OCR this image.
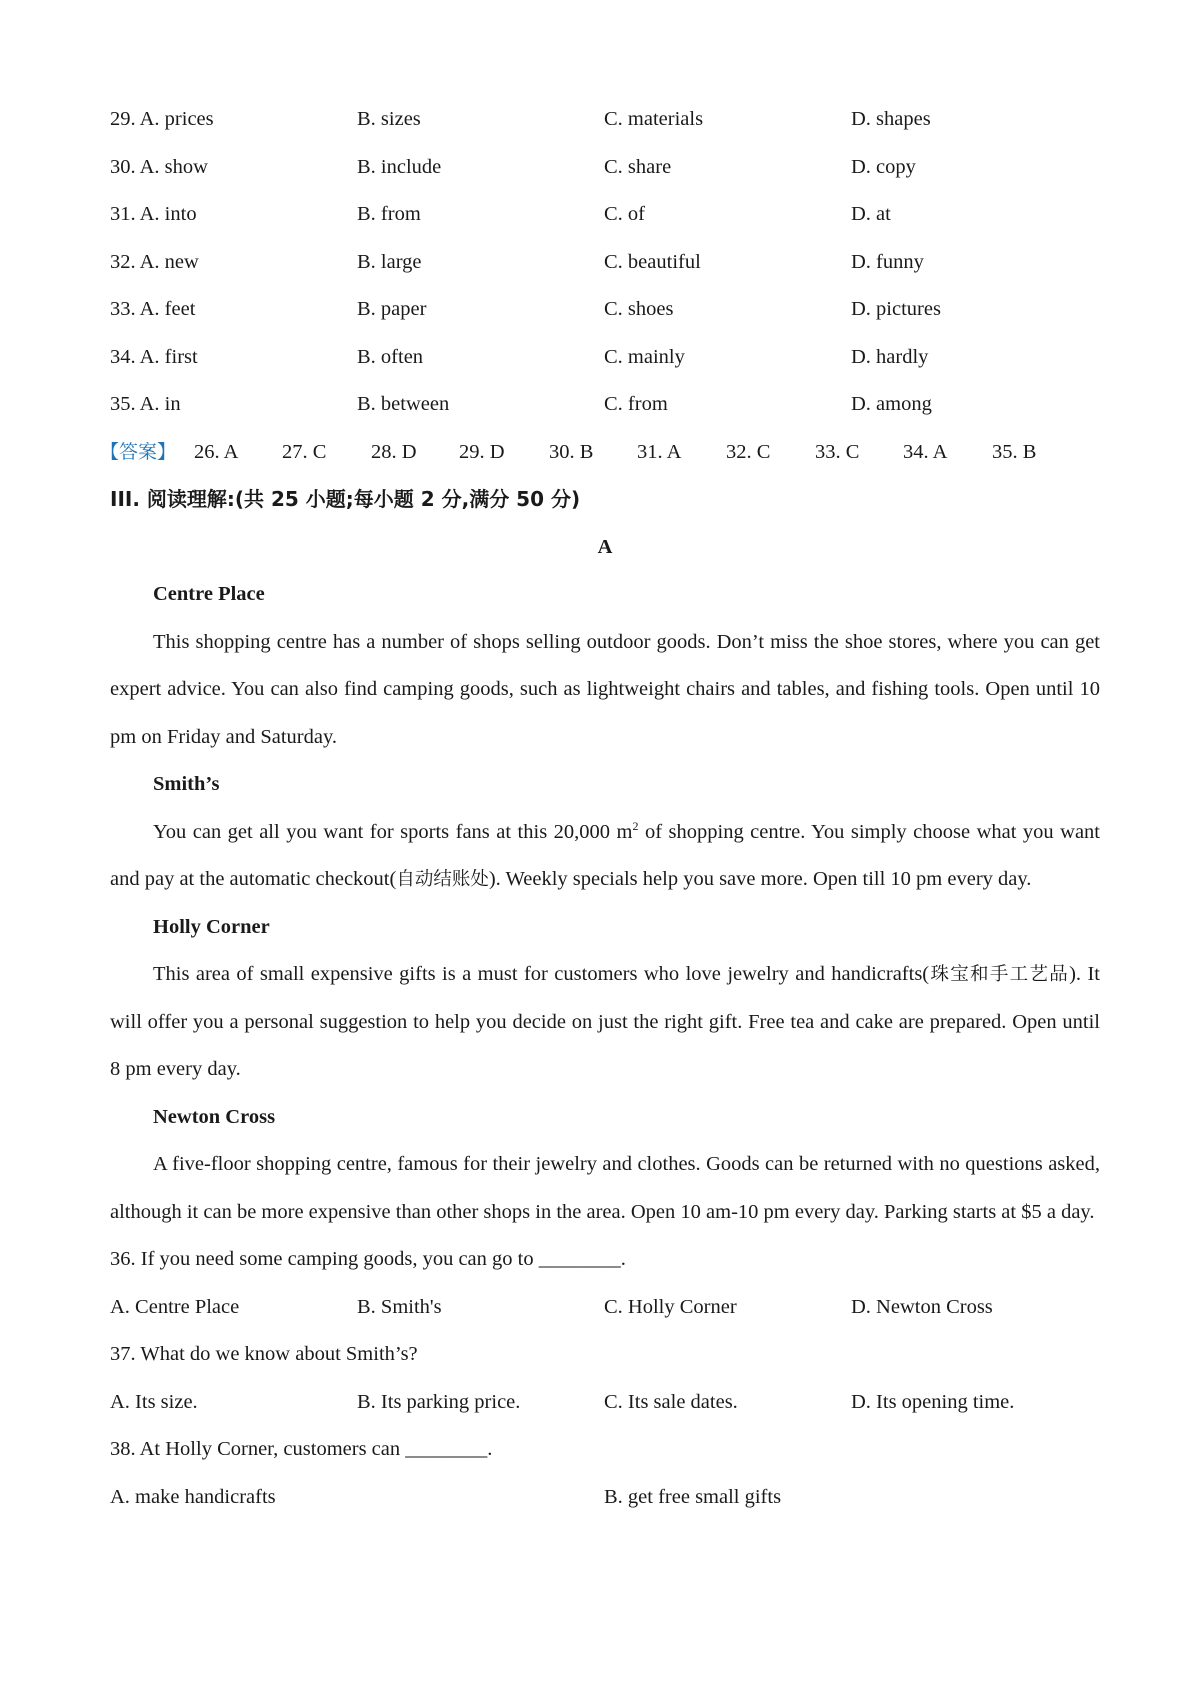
29. A. prices	B. sizes	C. materials	D. shapes
30. A. show	B. include	C. share	D. copy
31. A. into	B. from	C. of	D. at
32. A. new	B. large	C. beautiful	D. funny
33. A. feet	B. paper	C. shoes	D. pictures
34. A. first	B. often	C. mainly	D. hardly
35. A. in	B. between	C. from	D. among
【答案】 26. A 27. C 28. D 29. D 30. B 31. A 32. C 33. C 34. A 35. B
III. 阅读理解:(共 25 小题;每小题 2 分,满分 50 分)
A
Centre Place

This shopping centre has a number of shops selling outdoor goods. Don’t miss the shoe stores, where you can get expert advice. You can also find camping goods, such as lightweight chairs and tables, and fishing tools. Open until 10 pm on Friday and Saturday.

Smith’s

You can get all you want for sports fans at this 20,000 $m^2$ of shopping centre. You simply choose what you want and pay at the automatic checkout(自动结账处). Weekly specials help you save more. Open till 10 pm every day.

Holly Corner

This area of small expensive gifts is a must for customers who love jewelry and handicrafts(珠宝和手工艺品). It will offer you a personal suggestion to help you decide on just the right gift. Free tea and cake are prepared. Open until 8 pm every day.

Newton Cross

A five-floor shopping centre, famous for their jewelry and clothes. Goods can be returned with no questions asked, although it can be more expensive than other shops in the area. Open 10 am-10 pm every day. Parking starts at $5 a day.

36. If you need some camping goods, you can go to ________.
A. Centre Place	B. Smith's	C. Holly Corner	D. Newton Cross
37. What do we know about Smith’s?
A. Its size.	B. Its parking price.	C. Its sale dates.	D. Its opening time.
38. At Holly Corner, customers can ________.
A. make handicrafts	B. get free small gifts
